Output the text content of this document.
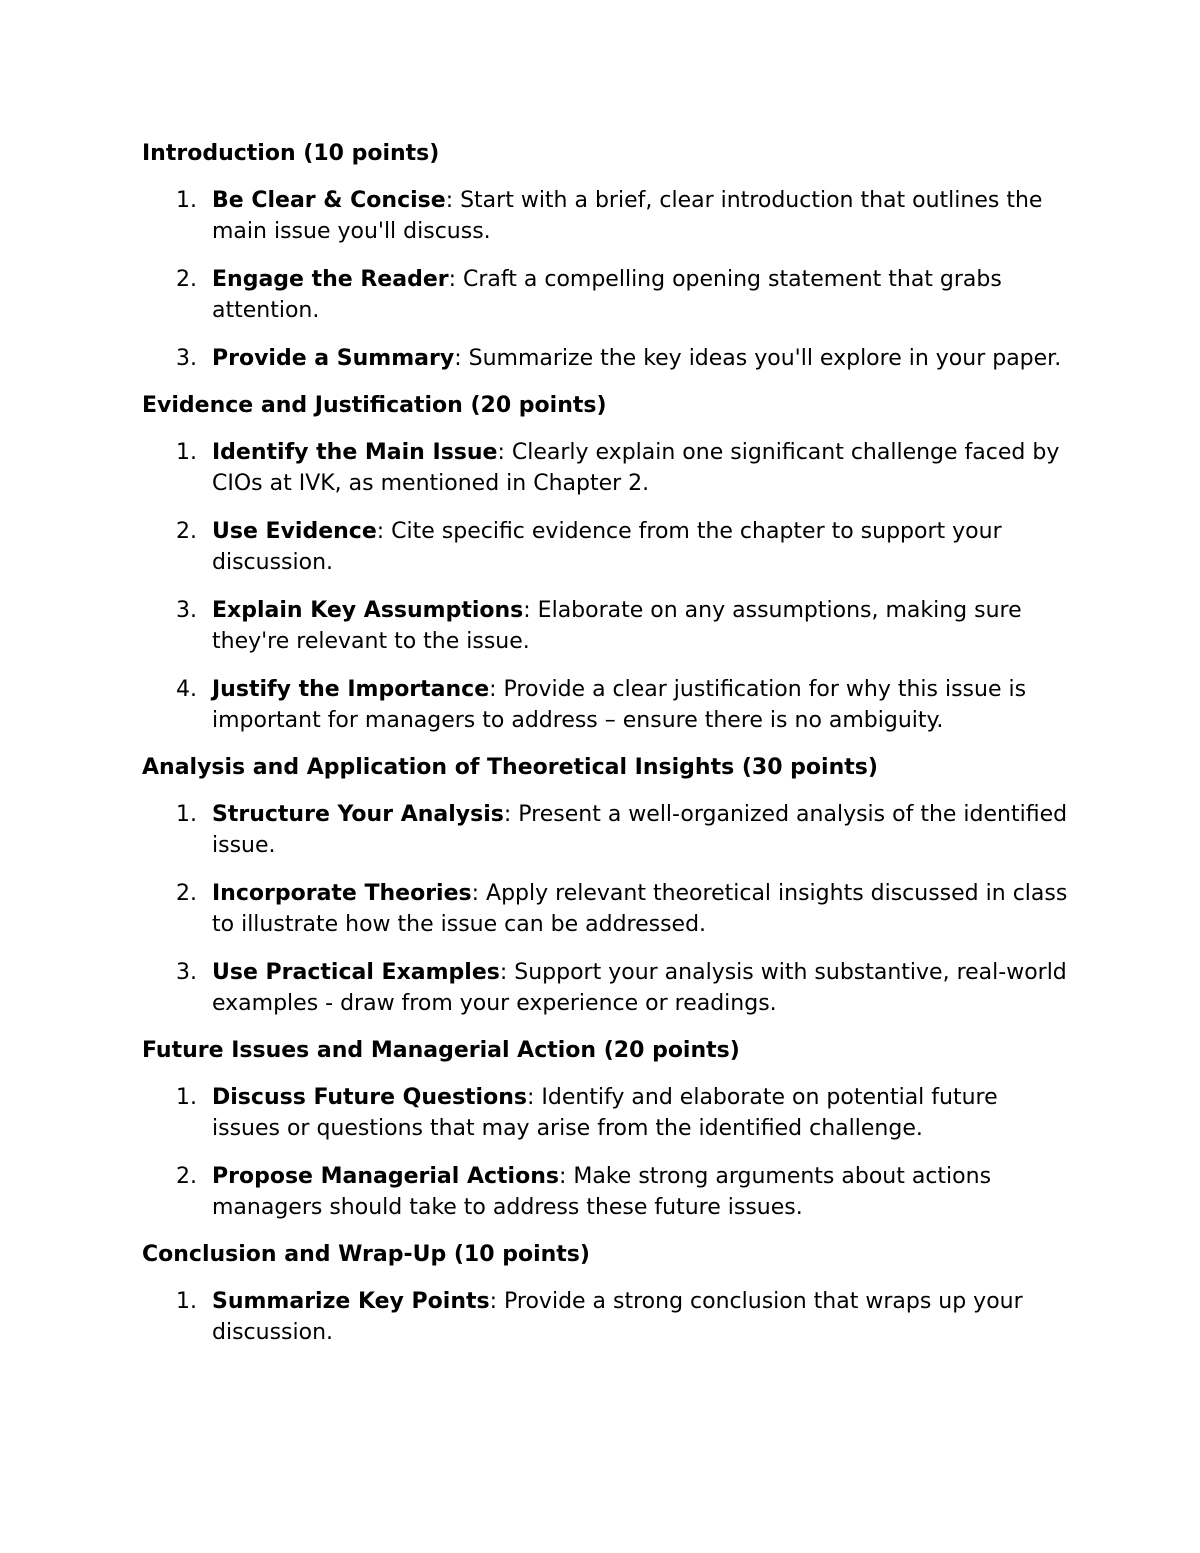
Introduction (10 points)
1. Be Clear & Concise: Start with a brief, clear introduction that outlines the main issue you'll discuss.
2. Engage the Reader: Craft a compelling opening statement that grabs attention.
3. Provide a Summary: Summarize the key ideas you'll explore in your paper.
Evidence and Justification (20 points)
1. Identify the Main Issue: Clearly explain one significant challenge faced by CIOs at IVK, as mentioned in Chapter 2.
2. Use Evidence: Cite specific evidence from the chapter to support your discussion.
3. Explain Key Assumptions: Elaborate on any assumptions, making sure they're relevant to the issue.
4. Justify the Importance: Provide a clear justification for why this issue is important for managers to address – ensure there is no ambiguity.
Analysis and Application of Theoretical Insights (30 points)
1. Structure Your Analysis: Present a well-organized analysis of the identified issue.
2. Incorporate Theories: Apply relevant theoretical insights discussed in class to illustrate how the issue can be addressed.
3. Use Practical Examples: Support your analysis with substantive, real-world examples - draw from your experience or readings.
Future Issues and Managerial Action (20 points)
1. Discuss Future Questions: Identify and elaborate on potential future issues or questions that may arise from the identified challenge.
2. Propose Managerial Actions: Make strong arguments about actions managers should take to address these future issues.
Conclusion and Wrap-Up (10 points)
1. Summarize Key Points: Provide a strong conclusion that wraps up your discussion.
